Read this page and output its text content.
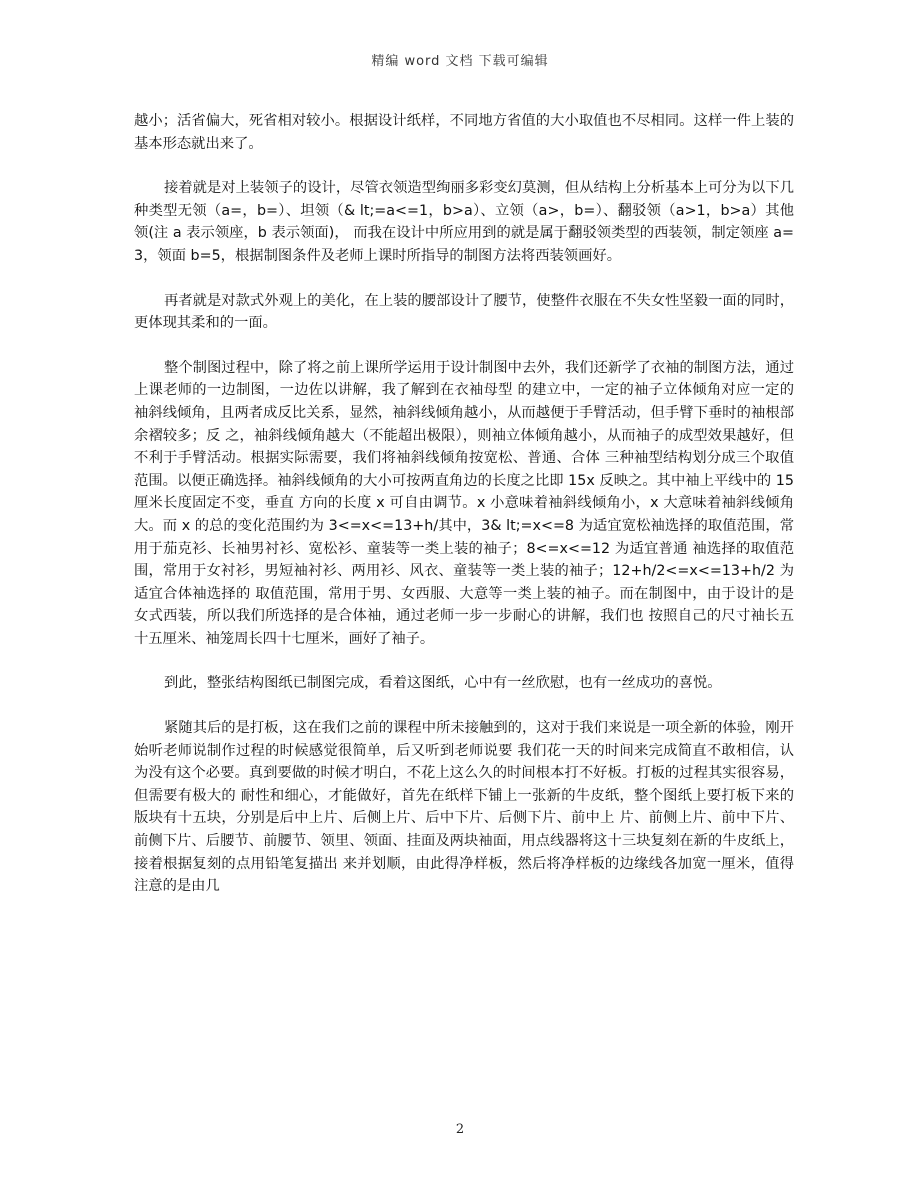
精编 word 文档 下载可编辑

越小；活省偏大，死省相对较小。根据设计纸样，不同地方省值的大小取值也不尽相同。这样一件上装的基本形态就出来了。

接着就是对上装领子的设计，尽管衣领造型绚丽多彩变幻莫测，但从结构上分析基本上可分为以下几种类型无领（a=，b=）、坦领（& lt;=a<=1，b>a）、立领（a>，b=）、翻驳领（a>1，b>a）其他领(注 a 表示领座，b 表示领面)， 而我在设计中所应用到的就是属于翻驳领类型的西装领，制定领座 a=3，领面 b=5，根据制图条件及老师上课时所指导的制图方法将西装领画好。

再者就是对款式外观上的美化，在上装的腰部设计了腰节，使整件衣服在不失女性坚毅一面的同时，更体现其柔和的一面。

整个制图过程中，除了将之前上课所学运用于设计制图中去外，我们还新学了衣袖的制图方法，通过上课老师的一边制图，一边佐以讲解，我了解到在衣袖母型 的建立中，一定的袖子立体倾角对应一定的袖斜线倾角，且两者成反比关系，显然，袖斜线倾角越小，从而越便于手臂活动，但手臂下垂时的袖根部余褶较多；反 之，袖斜线倾角越大（不能超出极限），则袖立体倾角越小，从而袖子的成型效果越好，但不利于手臂活动。根据实际需要，我们将袖斜线倾角按宽松、普通、合体 三种袖型结构划分成三个取值范围。以便正确选择。袖斜线倾角的大小可按两直角边的长度之比即 15x 反映之。其中袖上平线中的 15 厘米长度固定不变，垂直 方向的长度 x 可自由调节。x 小意味着袖斜线倾角小，x 大意味着袖斜线倾角大。而 x 的总的变化范围约为 3<=x<=13+h/其中，3& lt;=x<=8 为适宜宽松袖选择的取值范围，常用于茄克衫、长袖男衬衫、宽松衫、童装等一类上装的袖子；8<=x<=12 为适宜普通 袖选择的取值范围，常用于女衬衫，男短袖衬衫、两用衫、风衣、童装等一类上装的袖子；12+h/2<=x<=13+h/2 为适宜合体袖选择的 取值范围，常用于男、女西服、大意等一类上装的袖子。而在制图中，由于设计的是女式西装，所以我们所选择的是合体袖，通过老师一步一步耐心的讲解，我们也 按照自己的尺寸袖长五十五厘米、袖笼周长四十七厘米，画好了袖子。

到此，整张结构图纸已制图完成，看着这图纸，心中有一丝欣慰，也有一丝成功的喜悦。

紧随其后的是打板，这在我们之前的课程中所未接触到的，这对于我们来说是一项全新的体验，刚开始听老师说制作过程的时候感觉很简单，后又听到老师说要 我们花一天的时间来完成简直不敢相信，认为没有这个必要。真到要做的时候才明白，不花上这么久的时间根本打不好板。打板的过程其实很容易，但需要有极大的 耐性和细心，才能做好，首先在纸样下铺上一张新的牛皮纸，整个图纸上要打板下来的版块有十五块，分别是后中上片、后侧上片、后中下片、后侧下片、前中上 片、前侧上片、前中下片、前侧下片、后腰节、前腰节、领里、领面、挂面及两块袖面，用点线器将这十三块复刻在新的牛皮纸上，接着根据复刻的点用铅笔复描出 来并划顺，由此得净样板，然后将净样板的边缘线各加宽一厘米，值得注意的是由几

2
